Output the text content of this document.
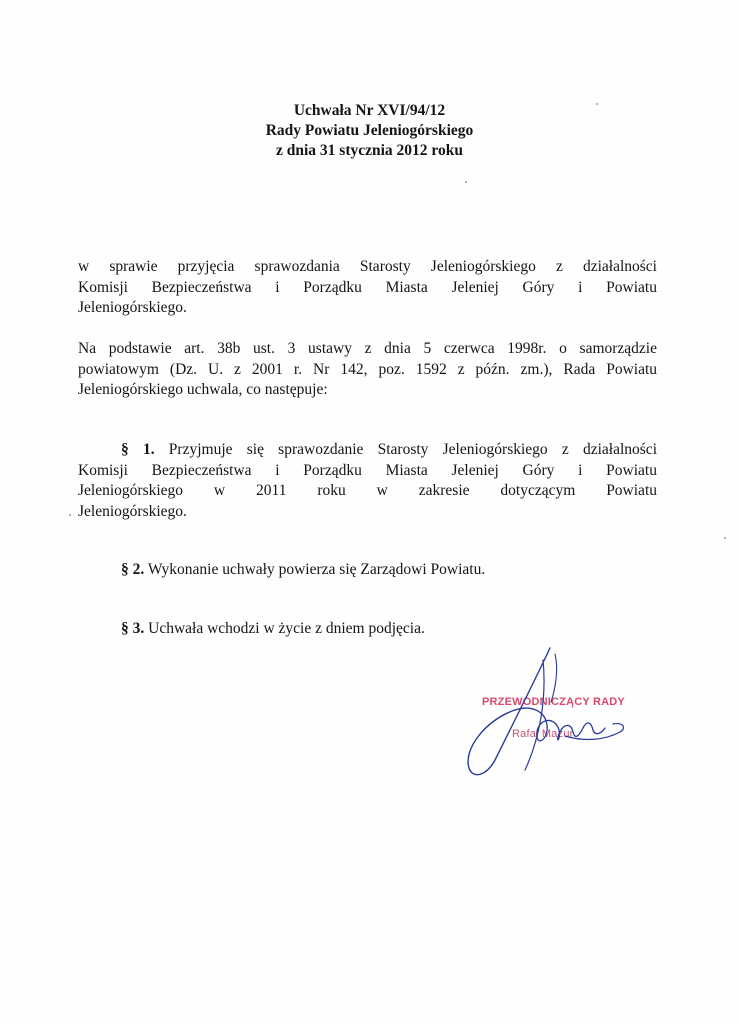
Uchwała Nr XVI/94/12
Rady Powiatu Jeleniogórskiego
z dnia 31 stycznia 2012 roku
w sprawie przyjęcia sprawozdania Starosty Jeleniogórskiego z działalności
Komisji Bezpieczeństwa i Porządku Miasta Jeleniej Góry i Powiatu
Jeleniogórskiego.
Na podstawie art. 38b ust. 3 ustawy z dnia 5 czerwca 1998r. o samorządzie
powiatowym (Dz. U. z 2001 r. Nr 142, poz. 1592 z późn. zm.), Rada Powiatu
Jeleniogórskiego uchwala, co następuje:
§ 1. Przyjmuje się sprawozdanie Starosty Jeleniogórskiego z działalności
Komisji Bezpieczeństwa i Porządku Miasta Jeleniej Góry i Powiatu
Jeleniogórskiego w 2011 roku w zakresie dotyczącym Powiatu
Jeleniogórskiego.
§ 2. Wykonanie uchwały powierza się Zarządowi Powiatu.
§ 3. Uchwała wchodzi w życie z dniem podjęcia.
PRZEWODNICZĄCY RADY
Rafał Mazur
